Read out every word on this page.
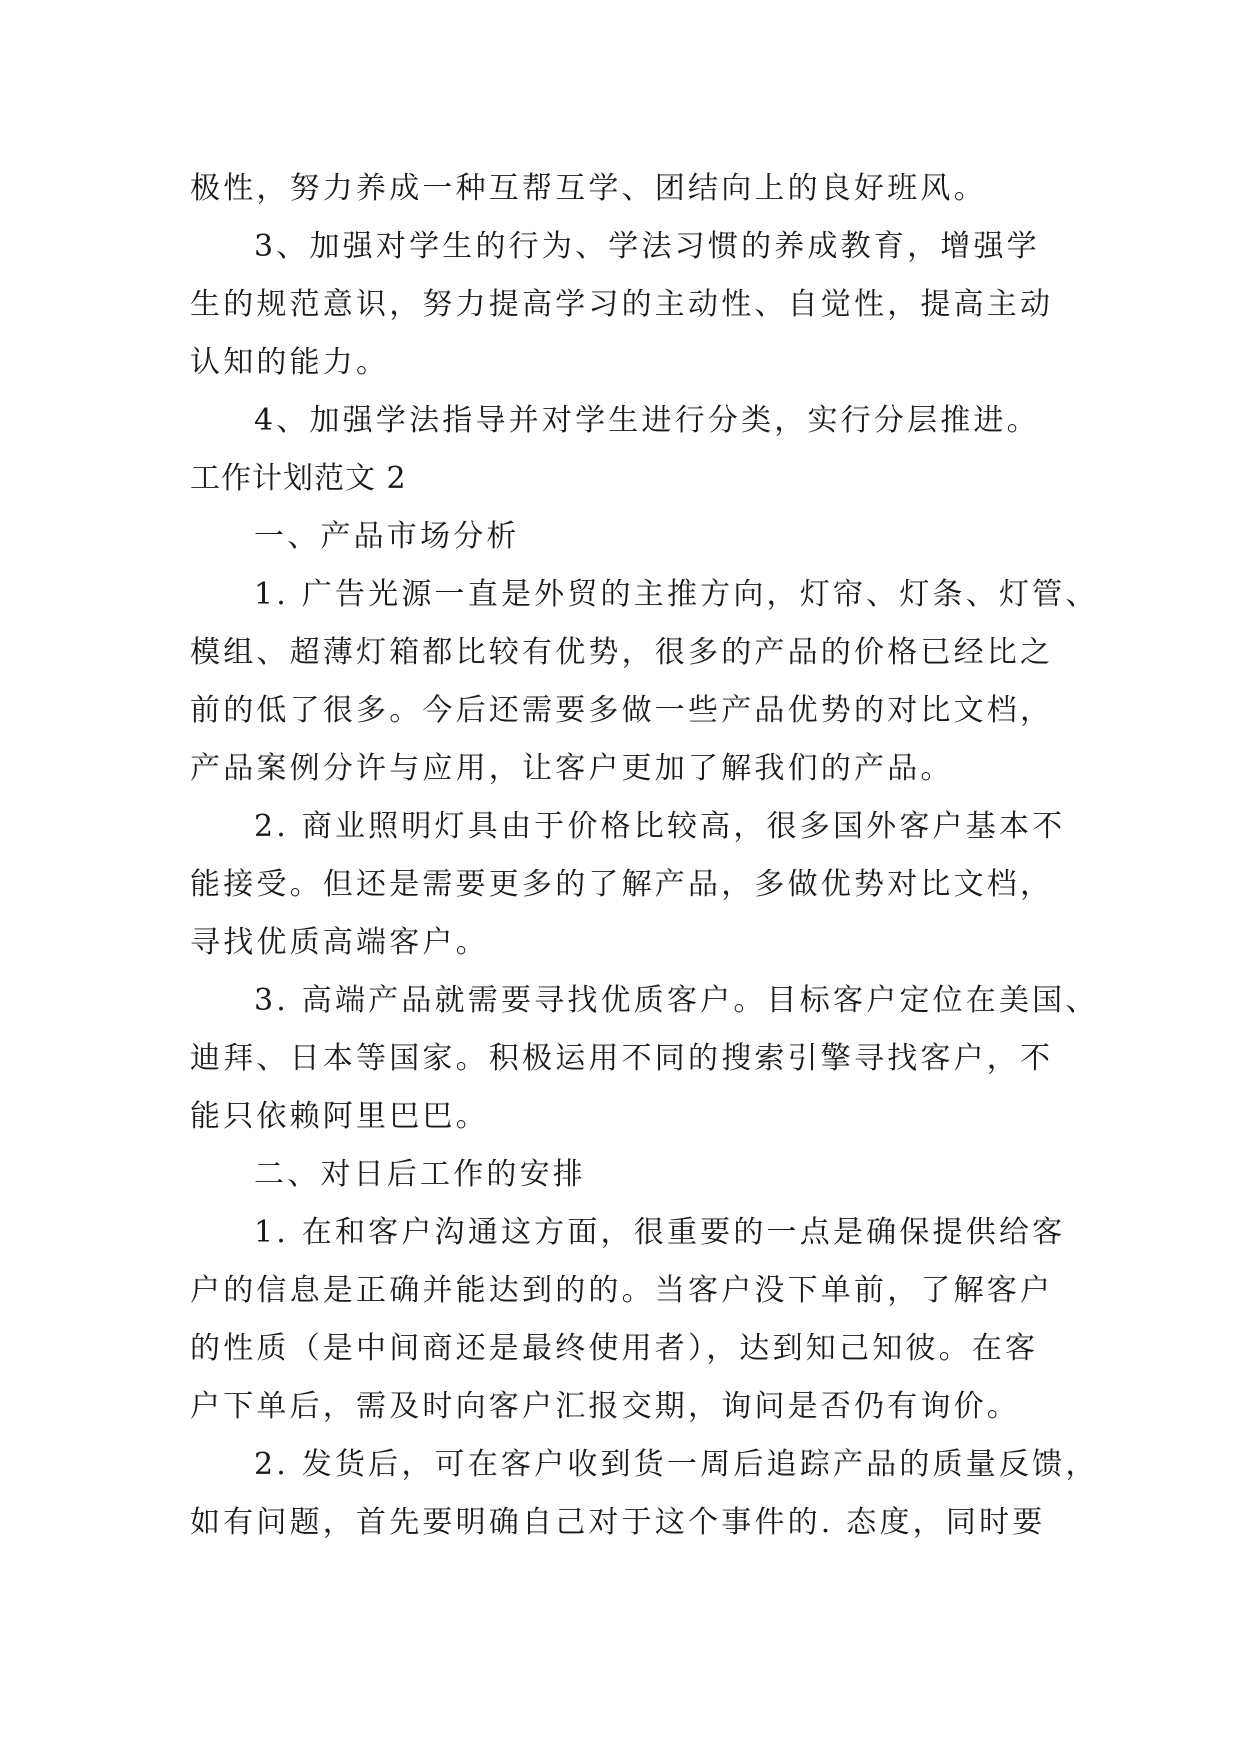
极性，努力养成一种互帮互学、团结向上的良好班风。
3、加强对学生的行为、学法习惯的养成教育，增强学
生的规范意识，努力提高学习的主动性、自觉性，提高主动
认知的能力。
4、加强学法指导并对学生进行分类，实行分层推进。
工作计划范文 2
一、产品市场分析
1. 广告光源一直是外贸的主推方向，灯帘、灯条、灯管、
模组、超薄灯箱都比较有优势，很多的产品的价格已经比之
前的低了很多。今后还需要多做一些产品优势的对比文档，
产品案例分许与应用，让客户更加了解我们的产品。
2. 商业照明灯具由于价格比较高，很多国外客户基本不
能接受。但还是需要更多的了解产品，多做优势对比文档，
寻找优质高端客户。
3. 高端产品就需要寻找优质客户。目标客户定位在美国、
迪拜、日本等国家。积极运用不同的搜索引擎寻找客户，不
能只依赖阿里巴巴。
二、对日后工作的安排
1. 在和客户沟通这方面，很重要的一点是确保提供给客
户的信息是正确并能达到的的。当客户没下单前，了解客户
的性质（是中间商还是最终使用者），达到知己知彼。在客
户下单后，需及时向客户汇报交期，询问是否仍有询价。
2. 发货后，可在客户收到货一周后追踪产品的质量反馈，
如有问题，首先要明确自己对于这个事件的. 态度，同时要
